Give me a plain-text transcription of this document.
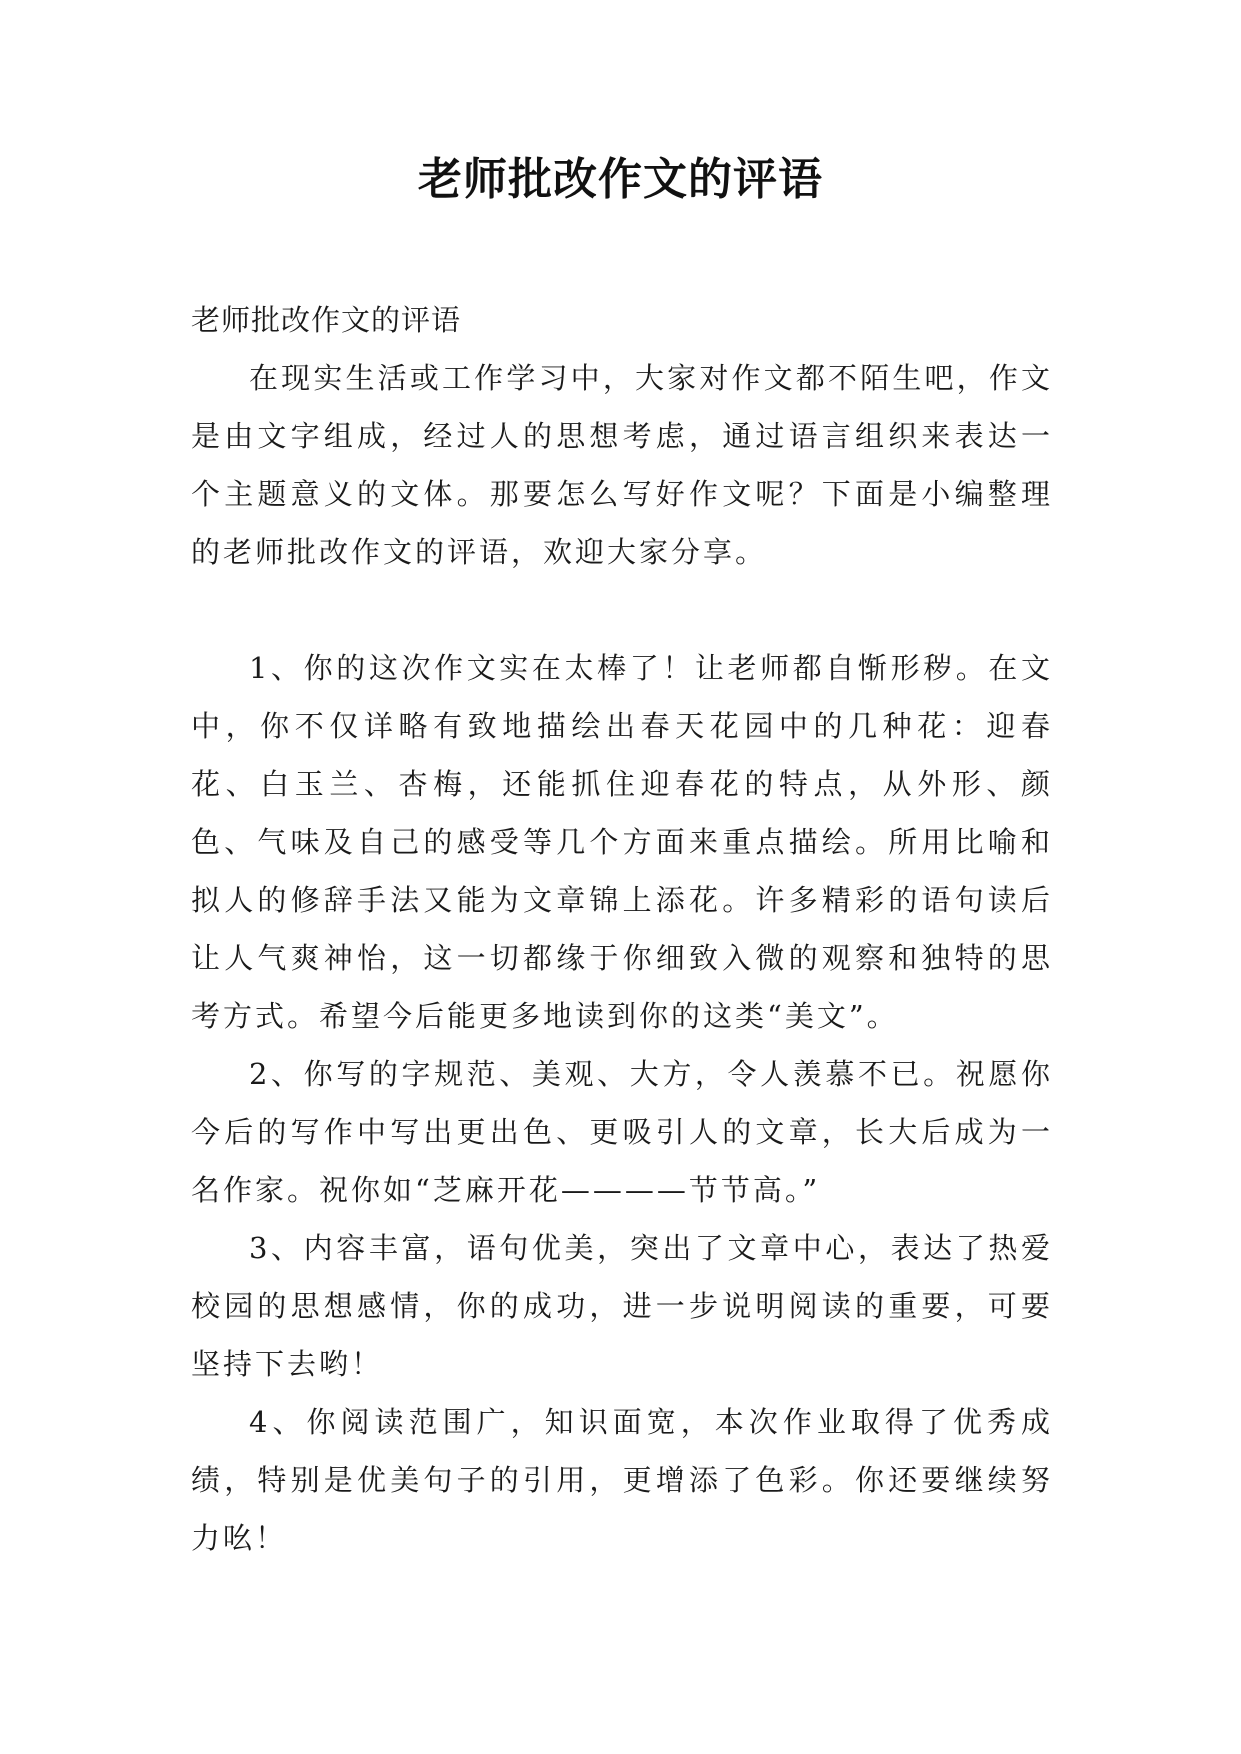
老师批改作文的评语

老师批改作文的评语

在现实生活或工作学习中，大家对作文都不陌生吧，作文是由文字组成，经过人的思想考虑，通过语言组织来表达一个主题意义的文体。那要怎么写好作文呢？下面是小编整理的老师批改作文的评语，欢迎大家分享。

1、你的这次作文实在太棒了！让老师都自惭形秽。在文中，你不仅详略有致地描绘出春天花园中的几种花：迎春花、白玉兰、杏梅，还能抓住迎春花的特点，从外形、颜色、气味及自己的感受等几个方面来重点描绘。所用比喻和拟人的修辞手法又能为文章锦上添花。许多精彩的语句读后让人气爽神怡，这一切都缘于你细致入微的观察和独特的思考方式。希望今后能更多地读到你的这类“美文”。

2、你写的字规范、美观、大方，令人羡慕不已。祝愿你今后的写作中写出更出色、更吸引人的文章，长大后成为一名作家。祝你如“芝麻开花————节节高。”

3、内容丰富，语句优美，突出了文章中心，表达了热爱校园的思想感情，你的成功，进一步说明阅读的重要，可要坚持下去哟！

4、你阅读范围广，知识面宽，本次作业取得了优秀成绩，特别是优美句子的引用，更增添了色彩。你还要继续努力吆！
